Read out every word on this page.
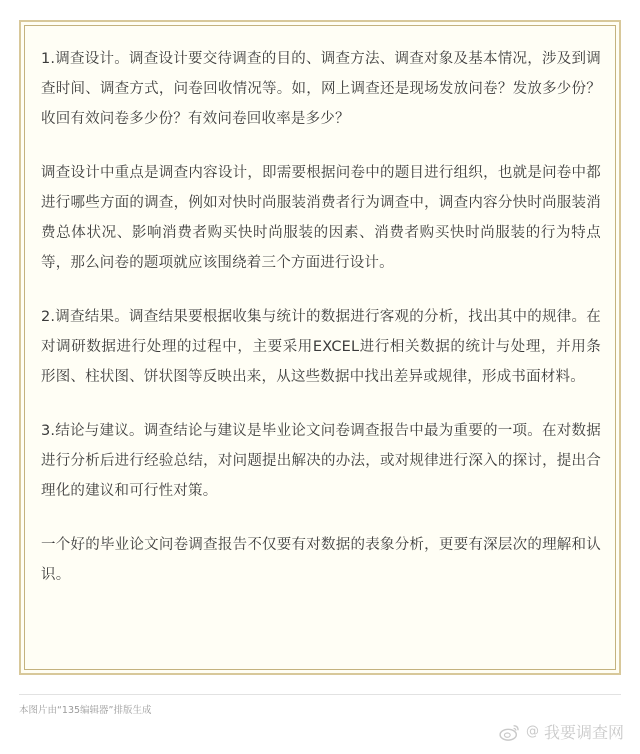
1.调查设计。调查设计要交待调查的目的、调查方法、调查对象及基本情况，涉及到调查时间、调查方式，问卷回收情况等。如，网上调查还是现场发放问卷？发放多少份？收回有效问卷多少份？有效问卷回收率是多少？

调查设计中重点是调查内容设计，即需要根据问卷中的题目进行组织，也就是问卷中都进行哪些方面的调查，例如对快时尚服装消费者行为调查中，调查内容分快时尚服装消费总体状况、影响消费者购买快时尚服装的因素、消费者购买快时尚服装的行为特点等，那么问卷的题项就应该围绕着三个方面进行设计。

2.调查结果。调查结果要根据收集与统计的数据进行客观的分析，找出其中的规律。在对调研数据进行处理的过程中，主要采用EXCEL进行相关数据的统计与处理，并用条形图、柱状图、饼状图等反映出来，从这些数据中找出差异或规律，形成书面材料。

3.结论与建议。调查结论与建议是毕业论文问卷调查报告中最为重要的一项。在对数据进行分析后进行经验总结，对问题提出解决的办法，或对规律进行深入的探讨，提出合理化的建议和可行性对策。

一个好的毕业论文问卷调查报告不仅要有对数据的表象分析，更要有深层次的理解和认识。

本图片由“135编辑器”排版生成
@ 我要调查网
